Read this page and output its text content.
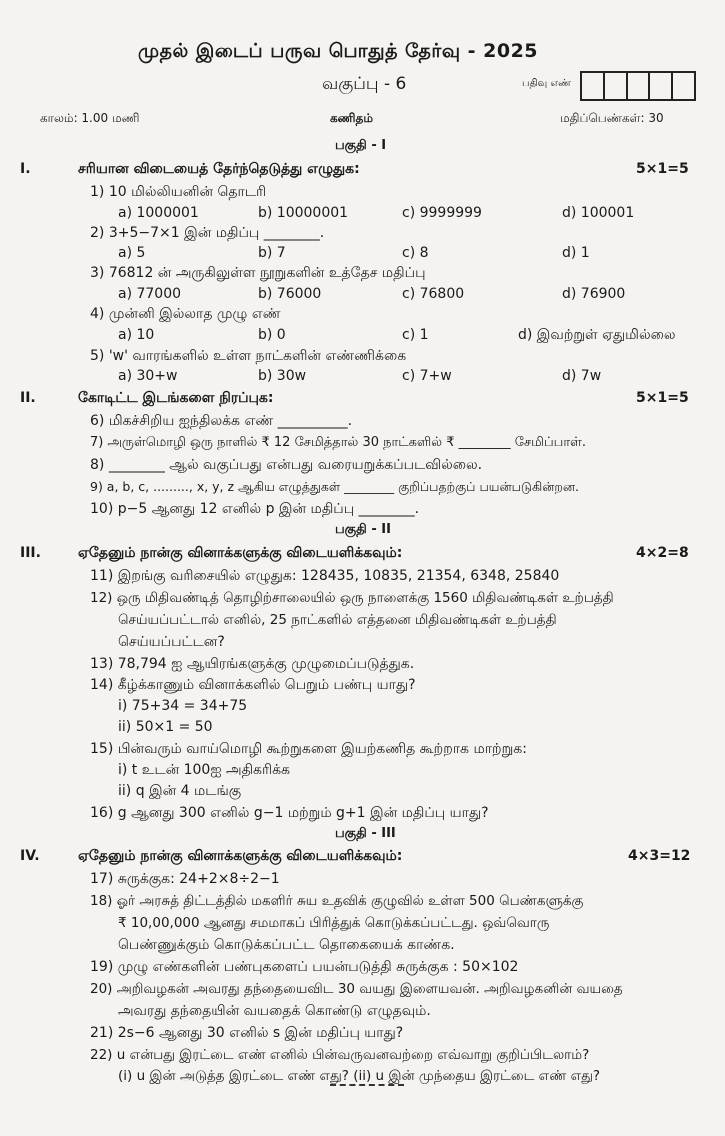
முதல் இடைப் பருவ பொதுத் தேர்வு - 2025
வகுப்பு - 6	பதிவு எண்
காலம்: 1.00 மணி	கணிதம்	மதிப்பெண்கள்: 30
பகுதி - I
I.	சரியான விடையைத் தேர்ந்தெடுத்து எழுதுக:	5×1=5
1) 10 மில்லியனின் தொடரி
a) 1000001	b) 10000001	c) 9999999	d) 100001
2) 3+5−7×1 இன் மதிப்பு ________.
a) 5	b) 7	c) 8	d) 1
3) 76812 ன் அருகிலுள்ள நூறுகளின் உத்தேச மதிப்பு
a) 77000	b) 76000	c) 76800	d) 76900
4) முன்னி இல்லாத முழு எண்
a) 10	b) 0	c) 1	d) இவற்றுள் ஏதுமில்லை
5) 'w' வாரங்களில் உள்ள நாட்களின் எண்ணிக்கை
a) 30+w	b) 30w	c) 7+w	d) 7w
II.	கோடிட்ட இடங்களை நிரப்புக:	5×1=5
6) மிகச்சிறிய ஐந்திலக்க எண் __________.
7) அருள்மொழி ஒரு நாளில் ₹ 12 சேமித்தால் 30 நாட்களில் ₹ ________ சேமிப்பாள்.
8) ________ ஆல் வகுப்பது என்பது வரையறுக்கப்படவில்லை.
9) a, b, c, ........., x, y, z ஆகிய எழுத்துகள் ________ குறிப்பதற்குப் பயன்படுகின்றன.
10) p−5 ஆனது 12 எனில் p இன் மதிப்பு ________.
பகுதி - II
III.	ஏதேனும் நான்கு வினாக்களுக்கு விடையளிக்கவும்:	4×2=8
11) இறங்கு வரிசையில் எழுதுக: 128435, 10835, 21354, 6348, 25840
12) ஒரு மிதிவண்டித் தொழிற்சாலையில் ஒரு நாளைக்கு 1560 மிதிவண்டிகள் உற்பத்தி
செய்யப்பட்டால் எனில், 25 நாட்களில் எத்தனை மிதிவண்டிகள் உற்பத்தி
செய்யப்பட்டன?
13) 78,794 ஐ ஆயிரங்களுக்கு முழுமைப்படுத்துக.
14) கீழ்க்காணும் வினாக்களில் பெறும் பண்பு யாது?
i) 75+34 = 34+75
ii) 50×1 = 50
15) பின்வரும் வாய்மொழி கூற்றுகளை இயற்கணித கூற்றாக மாற்றுக:
i) t உடன் 100ஐ அதிகரிக்க
ii) q இன் 4 மடங்கு
16) g ஆனது 300 எனில் g−1 மற்றும் g+1 இன் மதிப்பு யாது?
பகுதி - III
IV.	ஏதேனும் நான்கு வினாக்களுக்கு விடையளிக்கவும்:	4×3=12
17) சுருக்குக: 24+2×8÷2−1
18) ஓர் அரசுத் திட்டத்தில் மகளிர் சுய உதவிக் குழுவில் உள்ள 500 பெண்களுக்கு
₹ 10,00,000 ஆனது சமமாகப் பிரித்துக் கொடுக்கப்பட்டது. ஒவ்வொரு
பெண்ணுக்கும் கொடுக்கப்பட்ட தொகையைக் காண்க.
19) முழு எண்களின் பண்புகளைப் பயன்படுத்தி சுருக்குக : 50×102
20) அறிவழகன் அவரது தந்தையைவிட 30 வயது இளையவன். அறிவழகனின் வயதை
அவரது தந்தையின் வயதைக் கொண்டு எழுதவும்.
21) 2s−6 ஆனது 30 எனில் s இன் மதிப்பு யாது?
22) u என்பது இரட்டை எண் எனில் பின்வருவனவற்றை எவ்வாறு குறிப்பிடலாம்?
(i) u இன் அடுத்த இரட்டை எண் எது? (ii) u இன் முந்தைய இரட்டை எண் எது?
